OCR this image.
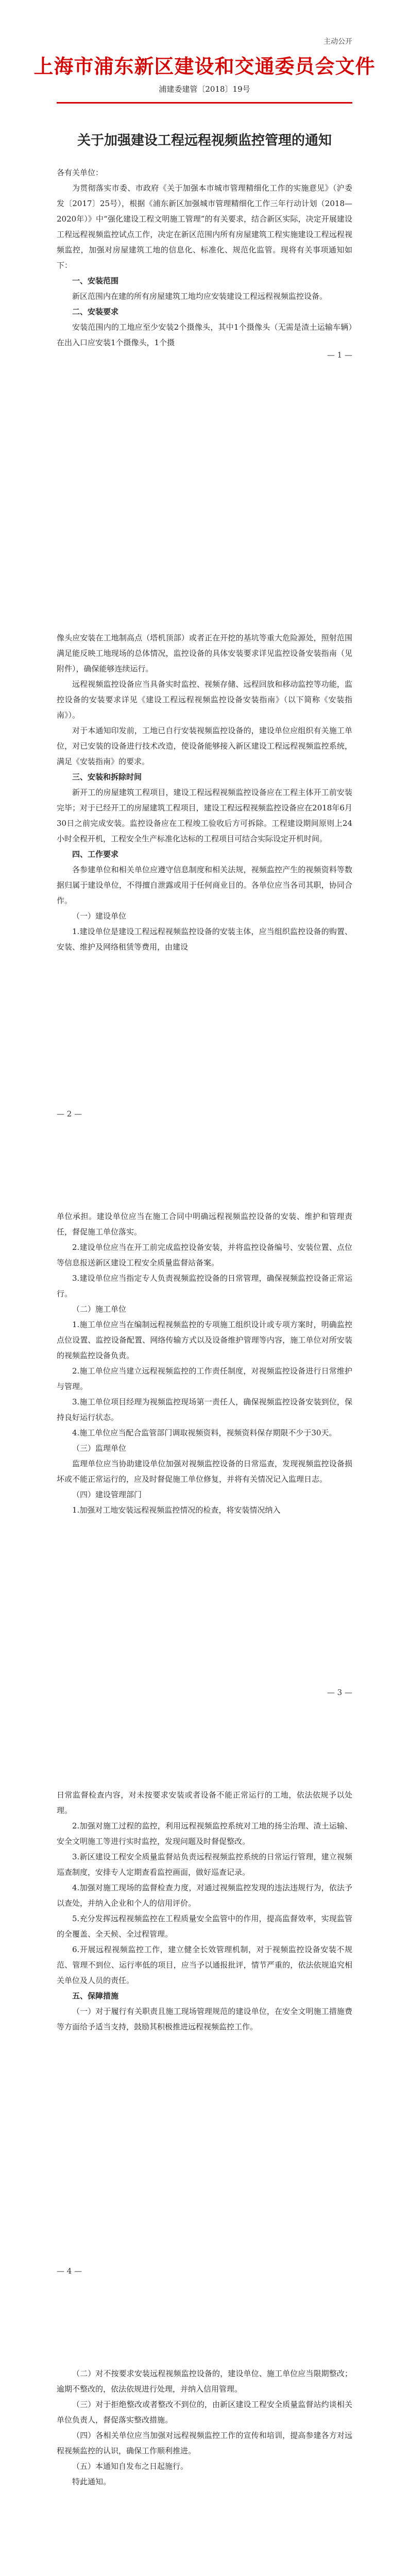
主动公开
上海市浦东新区建设和交通委员会文件
浦建委建管〔2018〕19号
关于加强建设工程远程视频监控管理的通知

各有关单位：

为贯彻落实市委、市政府《关于加强本市城市管理精细化工作的实施意见》（沪委发〔2017〕25号），根据《浦东新区加强城市管理精细化工作三年行动计划（2018—2020年）》中“强化建设工程文明施工管理”的有关要求，结合新区实际，决定开展建设工程远程视频监控试点工作，决定在新区范围内所有房屋建筑工程实施建设工程远程视频监控，加强对房屋建筑工地的信息化、标准化、规范化监管。现将有关事项通知如下：

一、安装范围

新区范围内在建的所有房屋建筑工地均应安装建设工程远程视频监控设备。

二、安装要求

安装范围内的工地应至少安装2个摄像头，其中1个摄像头（无需是渣土运输车辆）在出入口应安装1个摄像头，1个摄

— 1 —

像头应安装在工地制高点（塔机顶部）或者正在开挖的基坑等重大危险源处，照射范围满足能反映工地现场的总体情况，监控设备的具体安装要求详见监控设备安装指南（见附件），确保能够连续运行。

远程视频监控设备应当具备实时监控、视频存储、远程回放和移动监控等功能，监控设备的安装要求详见《建设工程远程视频监控设备安装指南》（以下简称《安装指南》）。

对于本通知印发前，工地已自行安装视频监控设备的，建设单位应组织有关施工单位，对已安装的设备进行技术改造，使设备能够接入新区建设工程远程视频监控系统，满足《安装指南》的要求。

三、安装和拆除时间

新开工的房屋建筑工程项目，建设工程远程视频监控设备应在工程主体开工前安装完毕；对于已经开工的房屋建筑工程项目，建设工程远程视频监控设备应在2018年6月30日之前完成安装。监控设备应在工程竣工验收后方可拆除。工程建设期间原则上24小时全程开机，工程安全生产标准化达标的工程项目可结合实际设定开机时间。

四、工作要求

各参建单位和相关单位应遵守信息制度和相关法规，视频监控产生的视频资料等数据归属于建设单位，不得擅自泄露或用于任何商业目的。各单位应当各司其职，协同合作。

（一）建设单位

1.建设单位是建设工程远程视频监控设备的安装主体，应当组织监控设备的购置、安装、维护及网络租赁等费用，由建设

— 2 —

单位承担。建设单位应当在施工合同中明确远程视频监控设备的安装、维护和管理责任，督促施工单位落实。

2.建设单位应当在开工前完成监控设备安装，并将监控设备编号、安装位置、点位等信息报送新区建设工程安全质量监督站备案。

3.建设单位应当指定专人负责视频监控设备的日常管理，确保视频监控设备正常运行。

（二）施工单位

1.施工单位应当在编制远程视频监控的专项施工组织设计或专项方案时，明确监控点位设置、监控设备配置、网络传输方式以及设备维护管理等内容，施工单位对所安装的视频监控设备负责。

2.施工单位应当建立远程视频监控的工作责任制度，对视频监控设备进行日常维护与管理。

3.施工单位项目经理为视频监控现场第一责任人，确保视频监控设备安装到位，保持良好运行状态。

4.施工单位应当配合监管部门调取视频资料，视频资料保存期限不少于30天。

（三）监理单位

监理单位应当协助建设单位加强对视频监控设备的日常巡查，发现视频监控设备损坏或不能正常运行的，应及时督促施工单位修复，并将有关情况记入监理日志。

（四）建设管理部门

1.加强对工地安装远程视频监控情况的检查，将安装情况纳入

— 3 —

日常监督检查内容，对未按要求安装或者设备不能正常运行的工地，依法依规予以处理。

2.加强对施工过程的监控，利用远程视频监控系统对工地的扬尘治理、渣土运输、安全文明施工等进行实时监控，发现问题及时督促整改。

3.新区建设工程安全质量监督站负责远程视频监控系统的日常运行管理，建立视频巡查制度，安排专人定期查看监控画面，做好巡查记录。

4.加强对施工现场的监督检查力度，对通过视频监控发现的违法违规行为，依法予以查处，并纳入企业和个人的信用评价。

5.充分发挥远程视频监控在工程质量安全监管中的作用，提高监督效率，实现监管的全覆盖、全天候、全过程管理。

6.开展远程视频监控工作，建立健全长效管理机制，对于视频监控设备安装不规范、管理不到位、运行率低的项目，应当予以通报批评，情节严重的，依法依规追究相关单位及人员的责任。

五、保障措施

（一）对于履行有关职责且施工现场管理规范的建设单位，在安全文明施工措施费等方面给予适当支持，鼓励其积极推进远程视频监控工作。

— 4 —

（二）对不按要求安装远程视频监控设备的，建设单位、施工单位应当限期整改；逾期不整改的，依法依规进行处理，并纳入信用管理。

（三）对于拒绝整改或者整改不到位的，由新区建设工程安全质量监督站约谈相关单位负责人，督促落实整改措施。

（四）各相关单位应当加强对远程视频监控工作的宣传和培训，提高参建各方对远程视频监控的认识，确保工作顺利推进。

（五）本通知自发布之日起施行。

特此通知。
